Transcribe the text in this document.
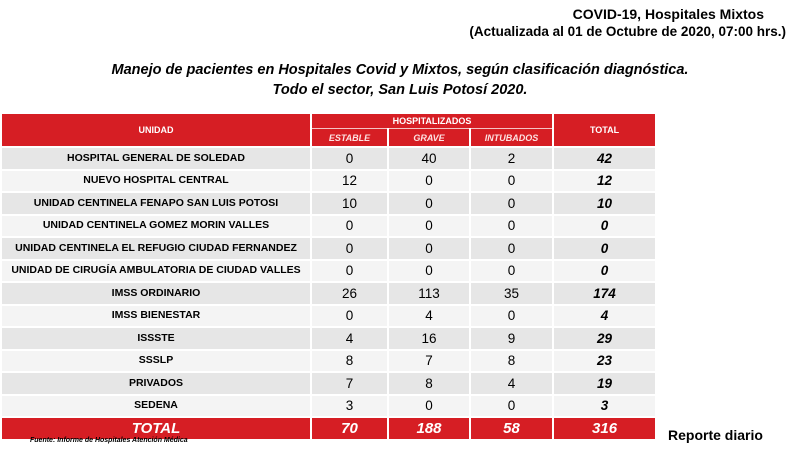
COVID-19, Hospitales Mixtos
(Actualizada al 01 de Octubre de 2020, 07:00 hrs.)
Manejo de pacientes en Hospitales Covid y Mixtos, según clasificación diagnóstica.
Todo el sector, San Luis Potosí 2020.
UNIDAD	HOSPITALIZADOS			TOTAL
	ESTABLE	GRAVE	INTUBADOS	
HOSPITAL GENERAL DE SOLEDAD	0	40	2	42
NUEVO HOSPITAL CENTRAL	12	0	0	12
UNIDAD CENTINELA FENAPO SAN LUIS POTOSI	10	0	0	10
UNIDAD CENTINELA GOMEZ MORIN VALLES	0	0	0	0
UNIDAD CENTINELA EL REFUGIO CIUDAD FERNANDEZ	0	0	0	0
UNIDAD DE CIRUGÍA AMBULATORIA DE CIUDAD VALLES	0	0	0	0
IMSS ORDINARIO	26	113	35	174
IMSS BIENESTAR	0	4	0	4
ISSSTE	4	16	9	29
SSSLP	8	7	8	23
PRIVADOS	7	8	4	19
SEDENA	3	0	0	3
TOTAL	70	188	58	316
Fuente: Informe de Hospitales Atención Médica	Reporte diario
